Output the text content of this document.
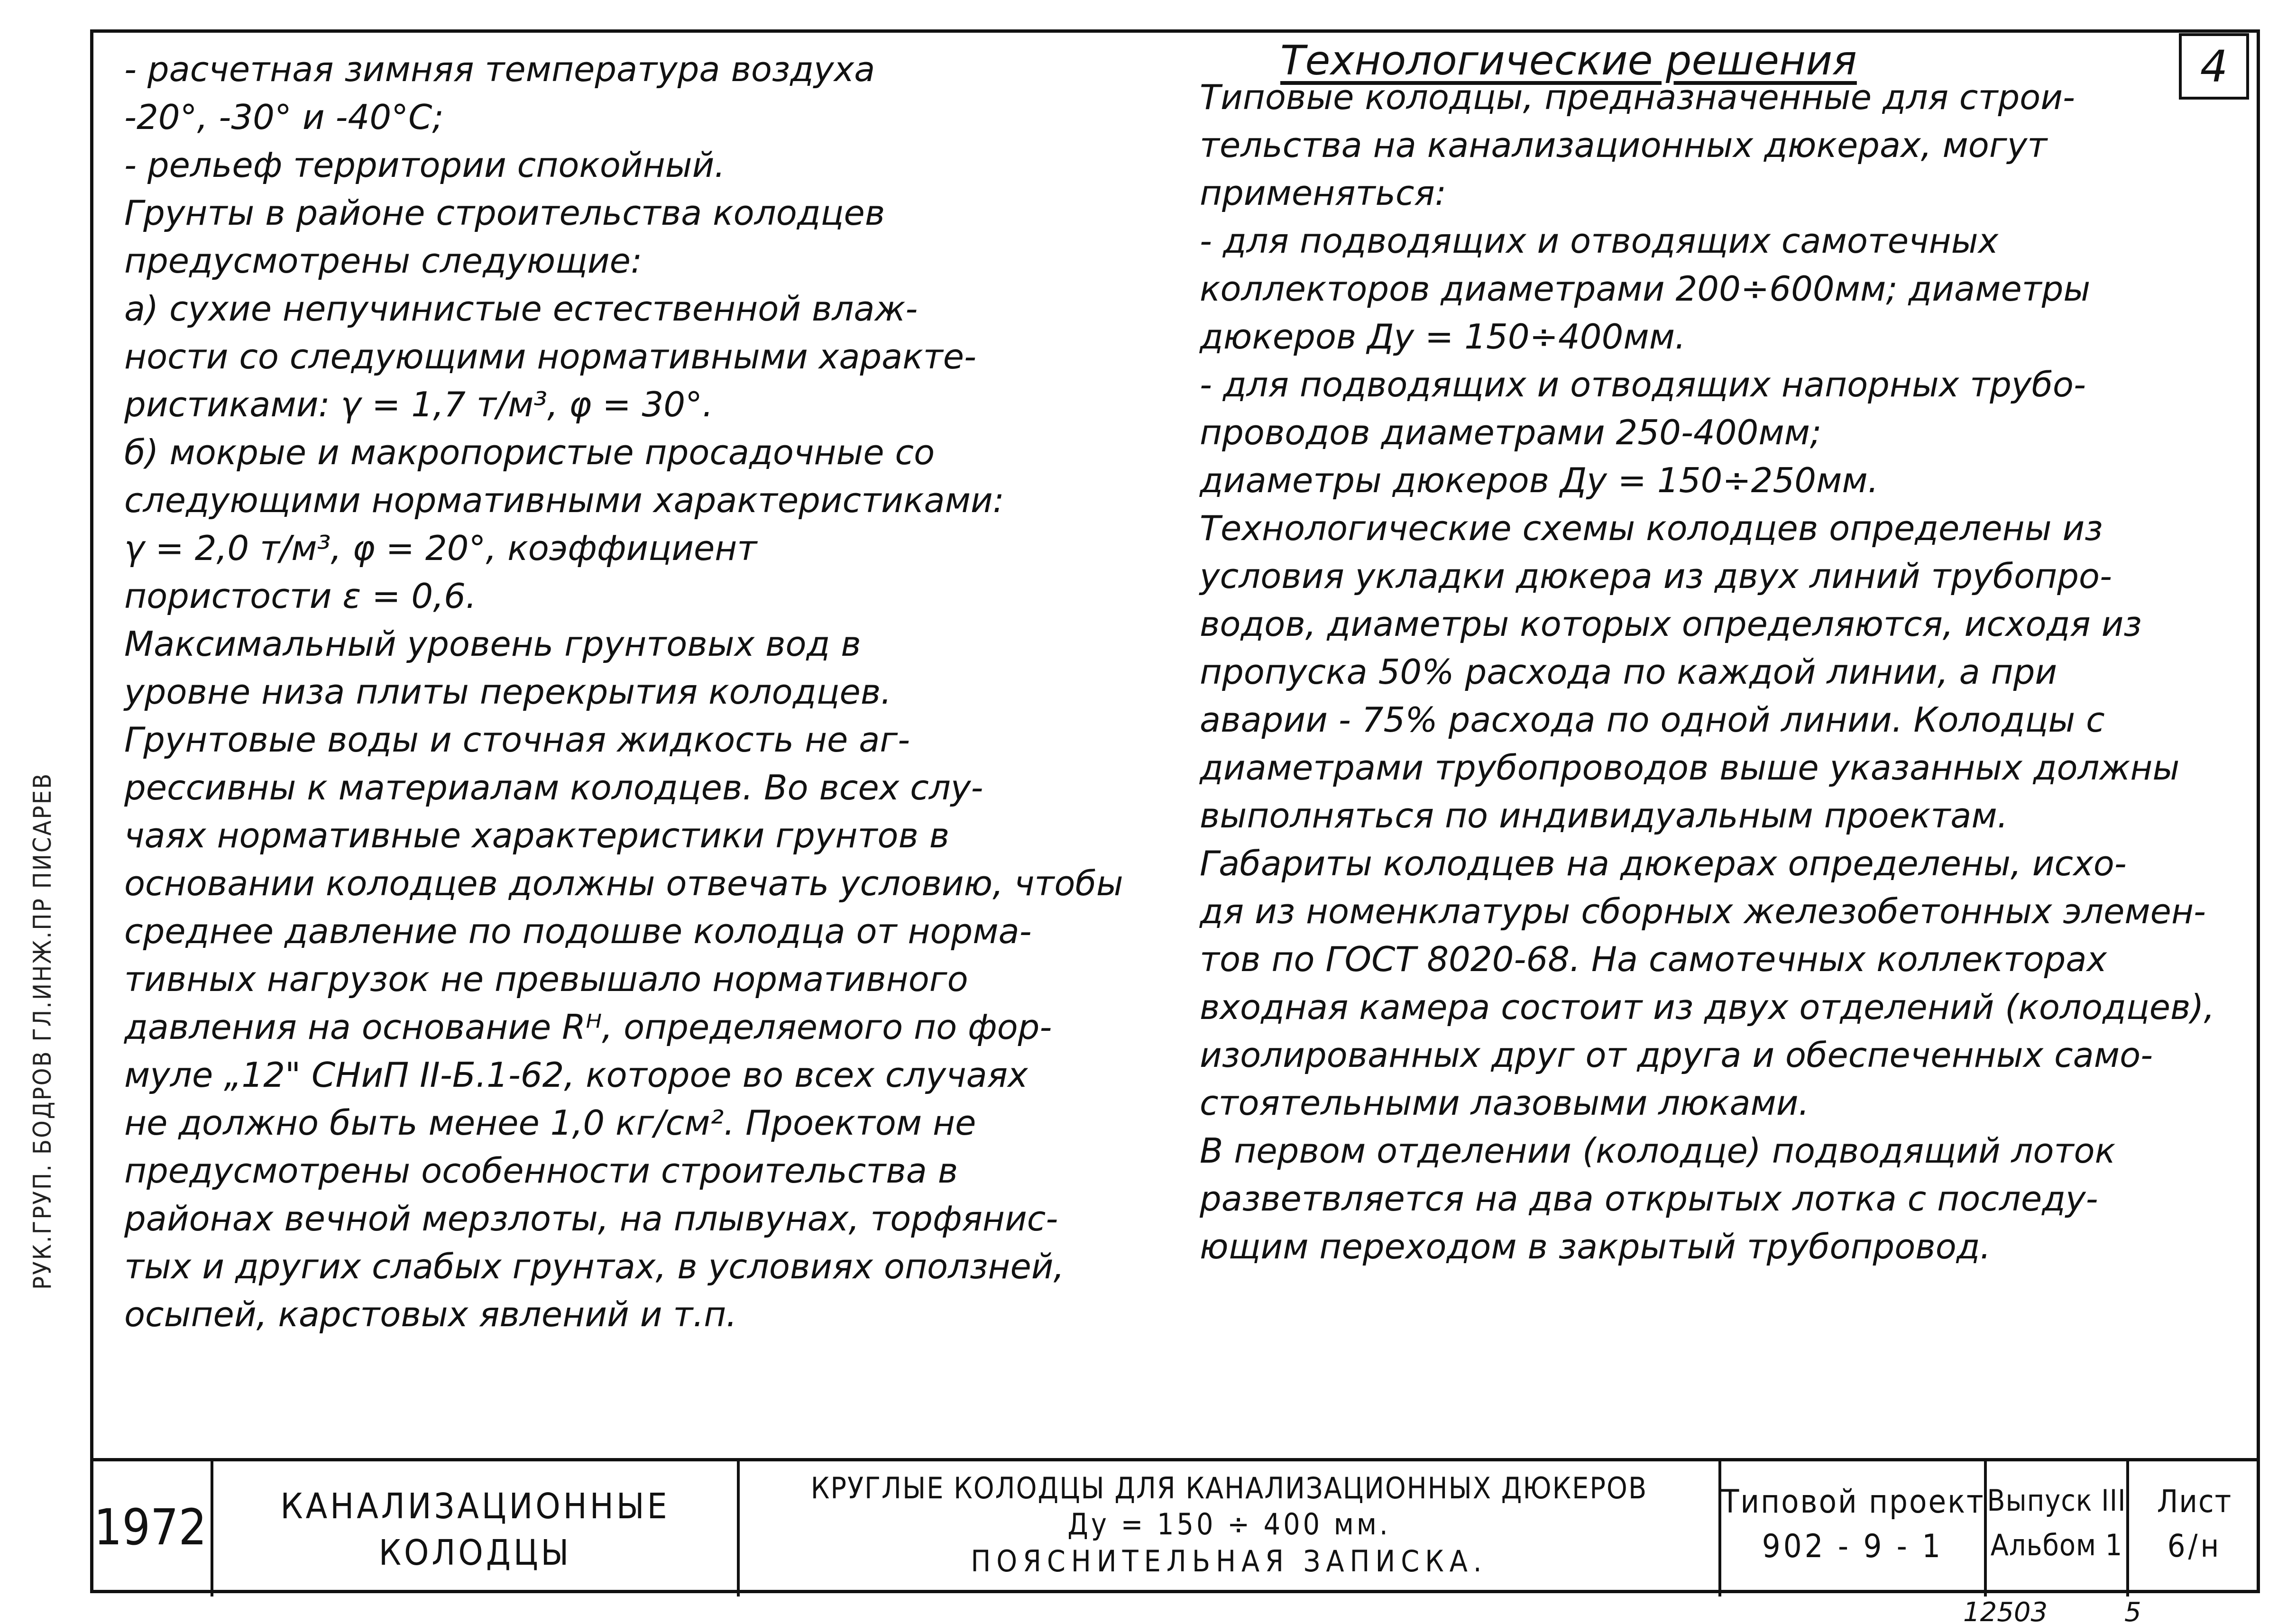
4
Технологические решения
- расчетная зимняя температура воздуха
-20°, -30° и -40°С;
- рельеф территории спокойный.
Грунты в районе строительства колодцев
предусмотрены следующие:
а) сухие непучинистые естественной влаж-
ности со следующими нормативными характе-
ристиками: γ = 1,7 т/м³, φ = 30°.
б) мокрые и макропористые просадочные со
следующими нормативными характеристиками:
γ = 2,0 т/м³, φ = 20°, коэффициент
пористости ε = 0,6.
Максимальный уровень грунтовых вод в
уровне низа плиты перекрытия колодцев.
Грунтовые воды и сточная жидкость не аг-
рессивны к материалам колодцев. Во всех слу-
чаях нормативные характеристики грунтов в
основании колодцев должны отвечать условию, чтобы
среднее давление по подошве колодца от норма-
тивных нагрузок не превышало нормативного
давления на основание Rᴴ, определяемого по фор-
муле „12" СНиП II-Б.1-62, которое во всех случаях
не должно быть менее 1,0 кг/см². Проектом не
предусмотрены особенности строительства в
районах вечной мерзлоты, на плывунах, торфянис-
тых и других слабых грунтах, в условиях оползней,
осыпей, карстовых явлений и т.п.
Типовые колодцы, предназначенные для строи-
тельства на канализационных дюкерах, могут
применяться:
- для подводящих и отводящих самотечных
коллекторов диаметрами 200÷600мм; диаметры
дюкеров Ду = 150÷400мм.
- для подводящих и отводящих напорных трубо-
проводов диаметрами 250-400мм;
диаметры дюкеров Ду = 150÷250мм.
Технологические схемы колодцев определены из
условия укладки дюкера из двух линий трубопро-
водов, диаметры которых определяются, исходя из
пропуска 50% расхода по каждой линии, а при
аварии - 75% расхода по одной линии. Колодцы с
диаметрами трубопроводов выше указанных должны
выполняться по индивидуальным проектам.
Габариты колодцев на дюкерах определены, исхо-
дя из номенклатуры сборных железобетонных элемен-
тов по ГОСТ 8020-68. На самотечных коллекторах
входная камера состоит из двух отделений (колодцев),
изолированных друг от друга и обеспеченных само-
стоятельными лазовыми люками.
В первом отделении (колодце) подводящий лоток
разветвляется на два открытых лотка с последу-
ющим переходом в закрытый трубопровод.
РУК.ГРУП. БОДРОВ ГЛ.ИНЖ.ПР ПИСАРЕВ
1972	КАНАЛИЗАЦИОННЫЕ
КОЛОДЦЫ
КРУГЛЫЕ КОЛОДЦЫ ДЛЯ КАНАЛИЗАЦИОННЫХ ДЮКЕРОВ
Ду = 150 ÷ 400 мм.
ПОЯСНИТЕЛЬНАЯ ЗАПИСКА.
Типовой проект
902 - 9 - 1
Выпуск III
Альбом 1
Лист
6/н
12503	5
